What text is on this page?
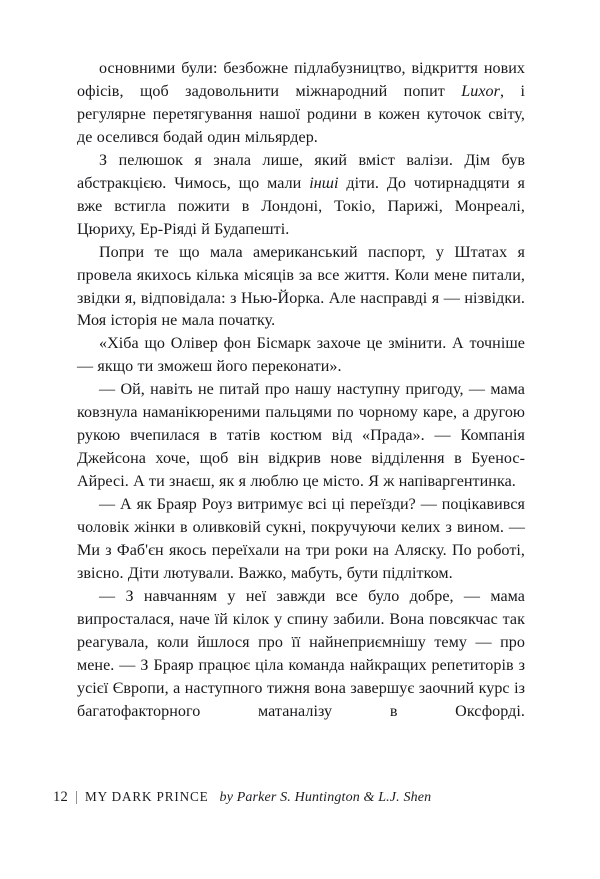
основними були: безбожне підлабузництво, відкриття нових офісів, щоб задовольнити міжнародний попит Luxor, і регулярне перетягування нашої родини в кожен куточок світу, де оселився бодай один мільярдер.

З пелюшок я знала лише, який вміст валізи. Дім був абстракцією. Чимось, що мали інші діти. До чотирнадцяти я вже встигла пожити в Лондоні, Токіо, Парижі, Монреалі, Цюриху, Ер-Ріяді й Будапешті.

Попри те що мала американський паспорт, у Штатах я провела якихось кілька місяців за все життя. Коли мене питали, звідки я, відповідала: з Нью-Йорка. Але насправді я — нізвідки. Моя історія не мала початку.

«Хіба що Олівер фон Бісмарк захоче це змінити. А точніше — якщо ти зможеш його переконати».

— Ой, навіть не питай про нашу наступну пригоду, — мама ковзнула наманікюреними пальцями по чорному каре, а другою рукою вчепилася в татів костюм від «Прада». — Компанія Джейсона хоче, щоб він відкрив нове відділення в Буенос-Айресі. А ти знаєш, як я люблю це місто. Я ж напіваргентинка.

— А як Браяр Роуз витримує всі ці переїзди? — поцікавився чоловік жінки в оливковій сукні, покручуючи келих з вином. — Ми з Фаб'єн якось переїхали на три роки на Аляску. По роботі, звісно. Діти лютували. Важко, мабуть, бути підлітком.

— З навчанням у неї завжди все було добре, — мама випросталася, наче їй кілок у спину забили. Вона повсякчас так реагувала, коли йшлося про її найнеприємнішу тему — про мене. — З Браяр працює ціла команда найкращих репетиторів з усієї Європи, а наступного тижня вона завершує заочний курс із багатофакторного матаналізу в Оксфорді.

12 | MY DARK PRINCE by Parker S. Huntington & L.J. Shen
